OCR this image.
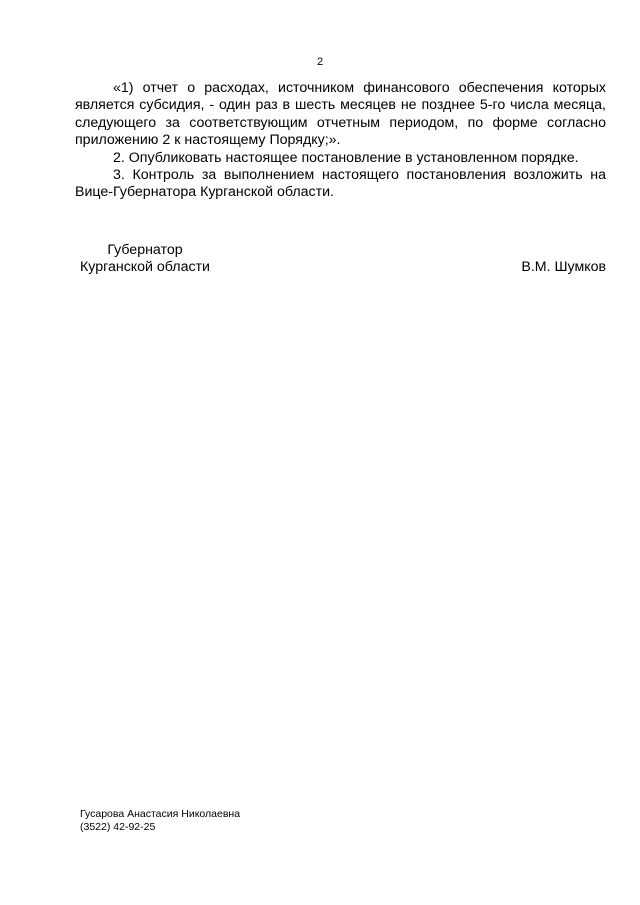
2

«1) отчет о расходах, источником финансового обеспечения которых является субсидия, - один раз в шесть месяцев не позднее 5-го числа месяца, следующего за соответствующим отчетным периодом, по форме согласно приложению 2 к настоящему Порядку;».

2. Опубликовать настоящее постановление в установленном порядке.

3. Контроль за выполнением настоящего постановления возложить на Вице-Губернатора Курганской области.

Губернатор
Курганской области	В.М. Шумков
Гусарова Анастасия Николаевна
(3522) 42-92-25
